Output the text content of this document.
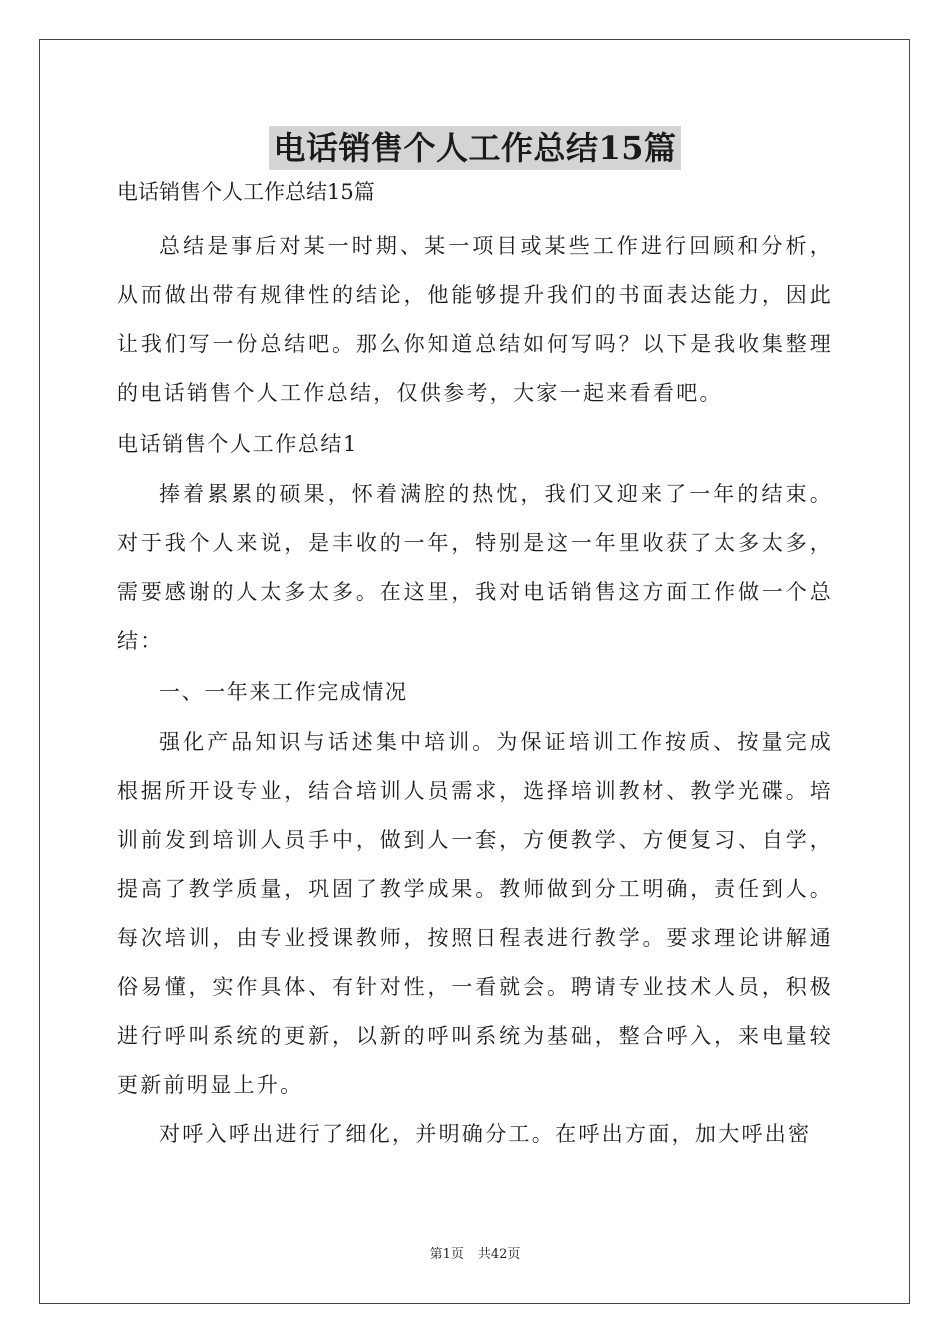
电话销售个人工作总结15篇
电话销售个人工作总结15篇

总结是事后对某一时期、某一项目或某些工作进行回顾和分析，从而做出带有规律性的结论，他能够提升我们的书面表达能力，因此让我们写一份总结吧。那么你知道总结如何写吗？以下是我收集整理的电话销售个人工作总结，仅供参考，大家一起来看看吧。

电话销售个人工作总结1

捧着累累的硕果，怀着满腔的热忱，我们又迎来了一年的结束。对于我个人来说，是丰收的一年，特别是这一年里收获了太多太多，需要感谢的人太多太多。在这里，我对电话销售这方面工作做一个总结：

一、一年来工作完成情况

强化产品知识与话述集中培训。为保证培训工作按质、按量完成根据所开设专业，结合培训人员需求，选择培训教材、教学光碟。培训前发到培训人员手中，做到人一套，方便教学、方便复习、自学，提高了教学质量，巩固了教学成果。教师做到分工明确，责任到人。每次培训，由专业授课教师，按照日程表进行教学。要求理论讲解通俗易懂，实作具体、有针对性，一看就会。聘请专业技术人员，积极进行呼叫系统的更新，以新的呼叫系统为基础，整合呼入，来电量较更新前明显上升。

对呼入呼出进行了细化，并明确分工。在呼出方面，加大呼出密

第1页 共42页
